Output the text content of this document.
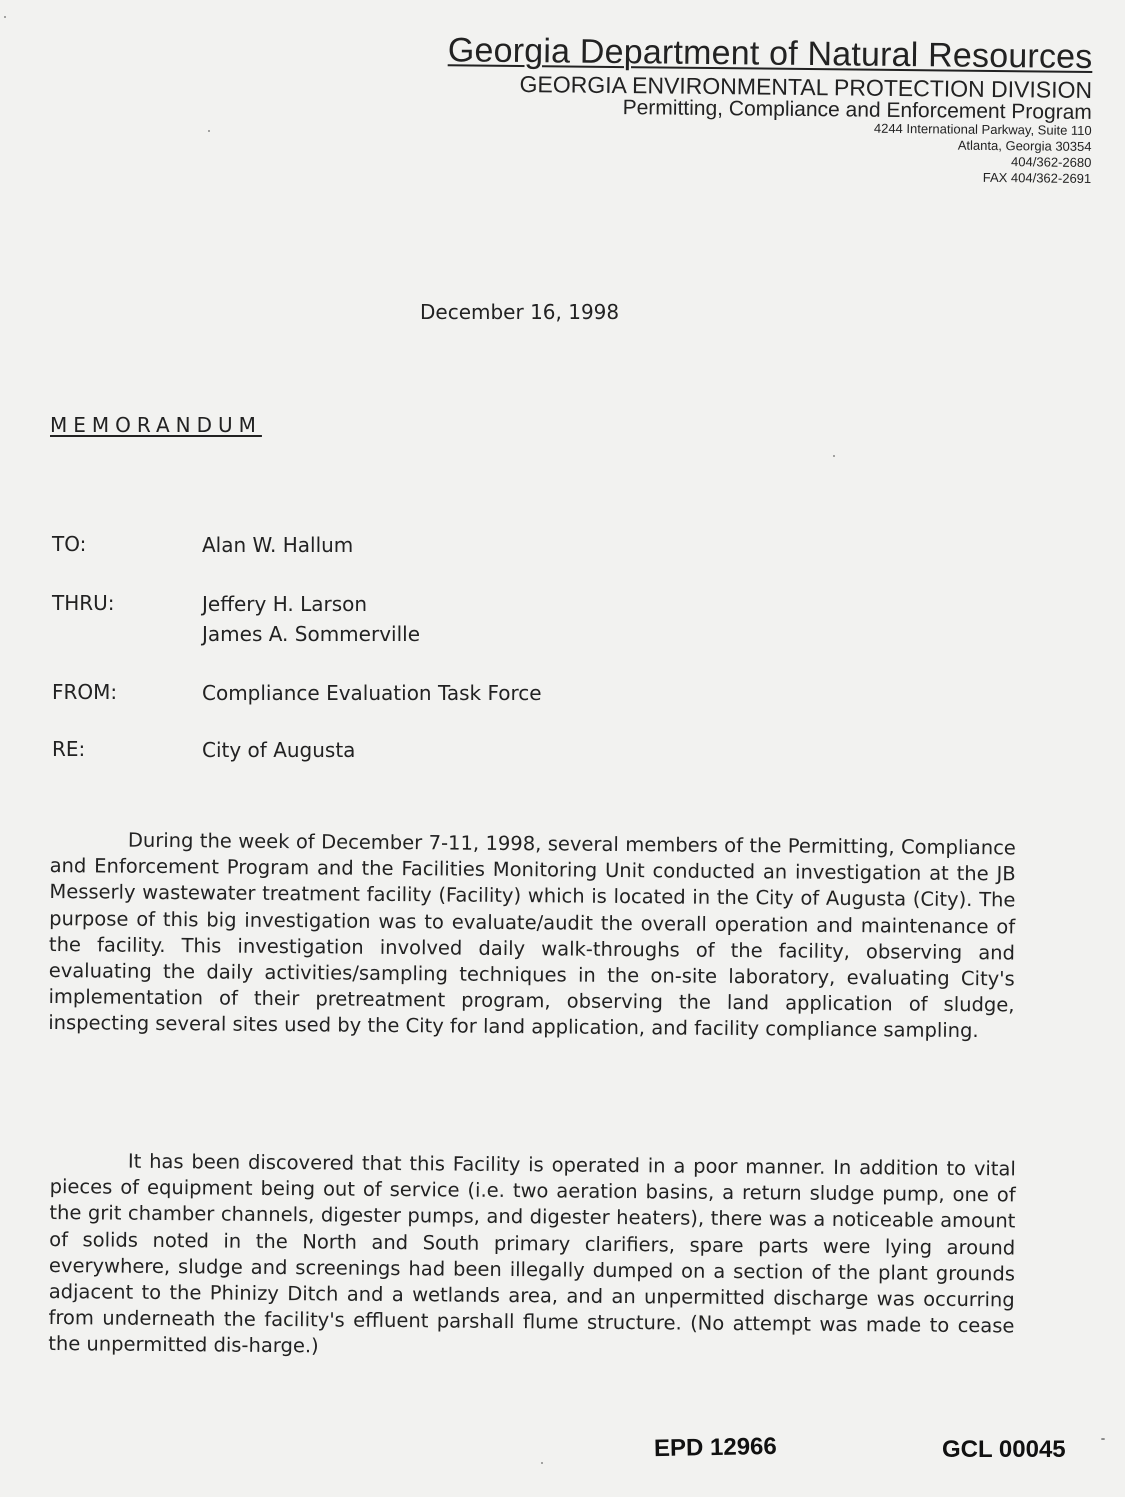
Georgia Department of Natural Resources
GEORGIA ENVIRONMENTAL PROTECTION DIVISION
Permitting, Compliance and Enforcement Program
4244 International Parkway, Suite 110
Atlanta, Georgia 30354
404/362-2680
FAX 404/362-2691
December 16, 1998
MEMORANDUM
TO:	Alan W. Hallum
THRU:	Jeffery H. Larson
James A. Sommerville
FROM:	Compliance Evaluation Task Force
RE:	City of Augusta

During the week of December 7-11, 1998, several members of the Permitting, Compliance and Enforcement Program and the Facilities Monitoring Unit conducted an investigation at the JB Messerly wastewater treatment facility (Facility) which is located in the City of Augusta (City). The purpose of this big investigation was to evaluate/audit the overall operation and maintenance of the facility. This investigation involved daily walk-throughs of the facility, observing and evaluating the daily activities/sampling techniques in the on-site laboratory, evaluating City's implementation of their pretreatment program, observing the land application of sludge, inspecting several sites used by the City for land application, and facility compliance sampling.

It has been discovered that this Facility is operated in a poor manner. In addition to vital pieces of equipment being out of service (i.e. two aeration basins, a return sludge pump, one of the grit chamber channels, digester pumps, and digester heaters), there was a noticeable amount of solids noted in the North and South primary clarifiers, spare parts were lying around everywhere, sludge and screenings had been illegally dumped on a section of the plant grounds adjacent to the Phinizy Ditch and a wetlands area, and an unpermitted discharge was occurring from underneath the facility's effluent parshall flume structure. (No attempt was made to cease the unpermitted dis-harge.)

EPD 12966	GCL 00045
